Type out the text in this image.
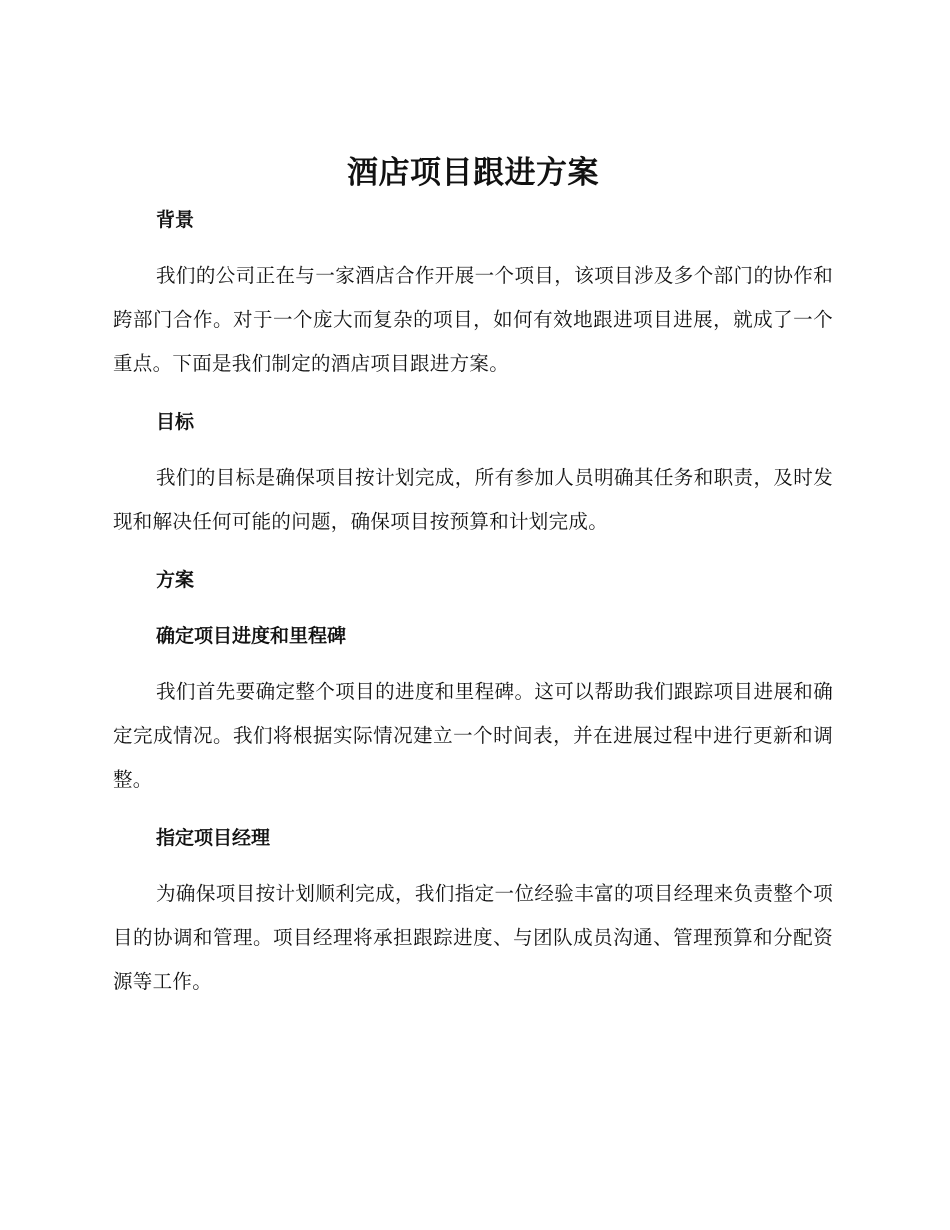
酒店项目跟进方案
背景

我们的公司正在与一家酒店合作开展一个项目，该项目涉及多个部门的协作和跨部门合作。对于一个庞大而复杂的项目，如何有效地跟进项目进展，就成了一个重点。下面是我们制定的酒店项目跟进方案。

目标

我们的目标是确保项目按计划完成，所有参加人员明确其任务和职责，及时发现和解决任何可能的问题，确保项目按预算和计划完成。

方案
确定项目进度和里程碑

我们首先要确定整个项目的进度和里程碑。这可以帮助我们跟踪项目进展和确定完成情况。我们将根据实际情况建立一个时间表，并在进展过程中进行更新和调整。

指定项目经理

为确保项目按计划顺利完成，我们指定一位经验丰富的项目经理来负责整个项目的协调和管理。项目经理将承担跟踪进度、与团队成员沟通、管理预算和分配资源等工作。
